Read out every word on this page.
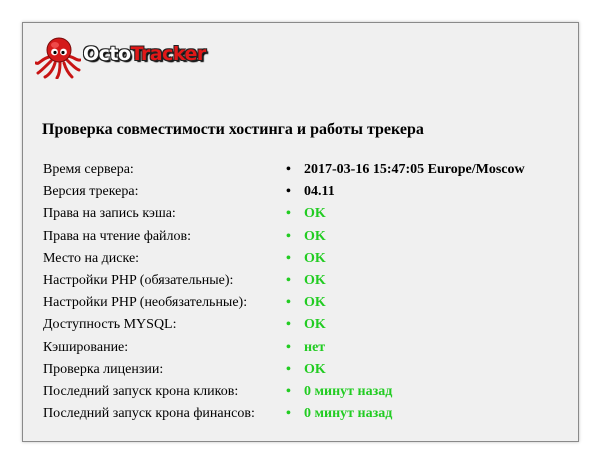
OctoTracker
Проверка совместимости хостинга и работы трекера
Время сервера:	• 2017-03-16 15:47:05 Europe/Moscow
Версия трекера:	• 04.11
Права на запись кэша:	• OK
Права на чтение файлов:	• OK
Место на диске:	• OK
Настройки PHP (обязательные):	• OK
Настройки PHP (необязательные):	• OK
Доступность MYSQL:	• OK
Кэширование:	• нет
Проверка лицензии:	• OK
Последний запуск крона кликов:	• 0 минут назад
Последний запуск крона финансов:	• 0 минут назад
